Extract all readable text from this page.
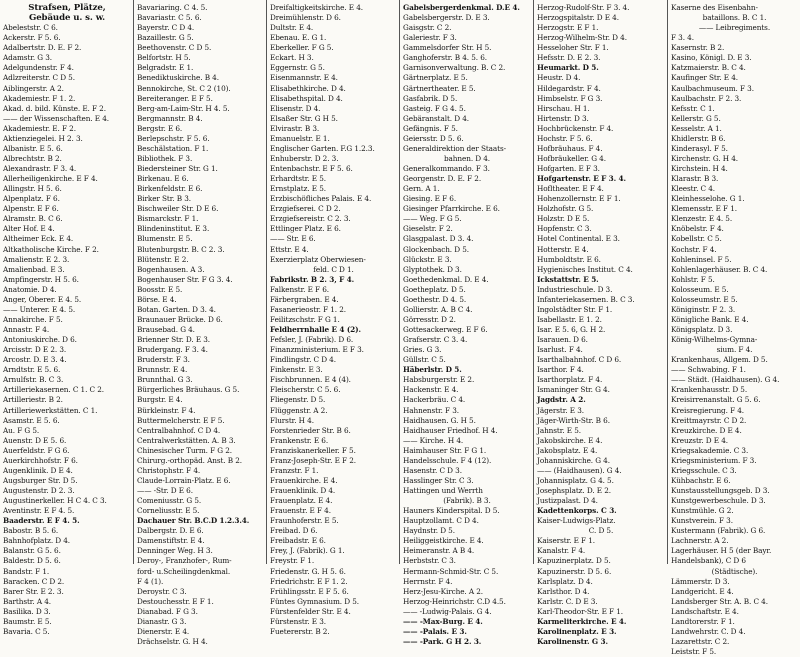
Strafsen, Plätze,
Gebäude u. s. w.
Abeleststr. C 6.
Ackerstr. F 5. 6.
Adalbertstr. D. E. F 2.
Adamstr. G 3.
Adelgundenstr. F 4.
Adlzreiterstr. C D 5.
Aiblingerstr. A 2.
Akademiestr. F 1. 2.
Akad. d. bild. Künste. E. F 2.
—— der Wissenschaften. E 4.
Akademiestr. E. F 2.
Aktienziegelei. H 2. 3.
Albanistr. E 5. 6.
Albrechtstr. B 2.
Alexandrastr. F 3. 4.
Allerheiligenkirche. E F 4.
Allingstr. H 5. 6.
Alpenplatz. F 6.
Alpenstr. E F 6.
Alramstr. B. C 6.
Alter Hof. E 4.
Altheimer Eck. E 4.
Altkatholische Kirche. F 2.
Amalienstr. E 2. 3.
Amalienbad. E 3.
Ampfingerstr. H 5. 6.
Anatomie. D 4.
Anger, Oberer. E 4. 5.
—— Unterer. E 4. 5.
Annakirche. F 5.
Annastr. F 4.
Antoniuskirche. D 6.
Arcisstr. D E 2. 3.
Arcostr. D. E 3. 4.
Arndtstr. E 5. 6.
Arnulfstr. B. C 3.
Artilleriekasernen. C 1. C 2.
Artilleriestr. B 2.
Artilleriewerkstätten. C 1.
Asamstr. E 5. 6.
Au. F G 5.
Auenstr. D E 5. 6.
Auerfeldstr. F G 6.
Auerkirchhofstr. F 6.
Augenklinik. D E 4.
Augsburger Str. D 5.
Augustenstr. D 2. 3.
Augustinerkeller. H C 4. C 3.
Aventinstr. E F 4. 5.
Baaderstr. E F 4. 5.
Babostr. B 5. 6.
Bahnhofplatz. D 4.
Balanstr. G 5. 6.
Baldestr. D 5. 6.
Bandstr. F 1.
Baracken. C D 2.
Barer Str. E 2. 3.
Barthstr. A 4.
Basilika. D 3.
Baumstr. E 5.
Bavaria. C 5.
Bavariaring. C 4. 5.
Bavariastr. C 5. 6.
Bayerstr. C D 4.
Bazaillestr. G 5.
Beethovenstr. C D 5.
Belfortstr. H 5.
Belgradstr. E 1.
Benediktuskirche. B 4.
Bennokirche, St. C 2 (10).
Bereiteranger. E F 5.
Berg-am-Laim-Str. H 4. 5.
Bergmannstr. B 4.
Bergstr. E 6.
Berlepschstr. F 5. 6.
Beschälstation. F 1.
Bibliothek. F 3.
Biedersteiner Str. G 1.
Birkenau. E 6.
Birkenfeldstr. E 6.
Birker Str. B 3.
Bischweiler Str. D E 6.
Bismarckstr. F 1.
Blindeninstitut. E 3.
Blumenstr. E 5.
Blutenburgstr. B. C 2. 3.
Blütenstr. E 2.
Bogenhausen. A 3.
Bogenhauser Str. F G 3. 4.
Boosstr. E 5.
Börse. E 4.
Botan. Garten. D 3. 4.
Braunauer Brücke. D 6.
Brausebad. G 4.
Brienner Str. D. E 3.
Brudergang. F 3. 4.
Bruderstr. F 3.
Brunnstr. E 4.
Brunnthal. G 3.
Bürgerliches Bräuhaus. G 5.
Burgstr. E 4.
Bürkleinstr. F 4.
Buttermelcherstr. E F 5.
Centralbahnhof. C D 4.
Centralwerkstätten. A. B 3.
Chinesischer Turm. F G 2.
Chirurg.-orthopäd. Anst. B 2.
Christophstr. F 4.
Claude-Lorrain-Platz. E 6.
—— -Str. D E 6.
Comeniusstr. G 5.
Corneliusstr. E 5.
Dachauer Str. B.C.D 1.2.3.4.
Dalbergstr. D. E 6.
Damenstiftstr. E 4.
Denninger Weg. H 3.
Deroy-, Franzhofer-, Rum-
ford- u.Scheilingdenkmal.
F 4 (1).
Deroystr. C 3.
Destouchesstr. E F 1.
Dianabad. F G 3.
Dianastr. G 3.
Dienerstr. E 4.
Drächselstr. G. H 4.
Dreifaltigkeitskirche. E 4.
Dreimühlenstr. D 6.
Dultstr. E 4.
Ebenau. E. G 1.
Eberkeller. F G 5.
Eckart. H 3.
Eggernstr. G 5.
Eisenmannstr. E 4.
Elisabethkirche. D 4.
Elisabethspital. D 4.
Elisenstr. D 4.
Elsaßer Str. G H 5.
Elvirastr. B 3.
Emanuelstr. E 1.
Englischer Garten. F.G 1.2.3.
Enhuberstr. D 2. 3.
Entenbachstr. E F 5. 6.
Erhardtstr. E 5.
Ernstplatz. E 5.
Erzbischöfliches Palais. E 4.
Erzgiefserei. C D 2.
Erzgiefsereistr. C 2. 3.
Ettlinger Platz. E 6.
—— Str. E 6.
Ettstr. E 4.
Exerzierplatz Oberwiesen-
feld. C D 1.
Fabrikstr. B 2. 3, F 4.
Falkenstr. E F 6.
Färbergraben. E 4.
Fasanerieostr. F 1. 2.
Feilitzschstr. F G 1.
Feldherrnhalle E 4 (2).
Fefsler, J. (Fabrik). D 6.
Finanzministerium. E F 3.
Findlingstr. C D 4.
Finkenstr. E 3.
Fischbrunnen. E 4 (4).
Fleischerstr. C 5. 6.
Fliegenstr. D 5.
Flüggenstr. A 2.
Flurstr. H 4.
Forstenrieder Str. B 6.
Frankenstr. E 6.
Franziskanerkeller. F 5.
Franz-Joseph-Str. E F 2.
Franzstr. F 1.
Frauenkirche. E 4.
Frauenklinik. D 4.
Frauenplatz. E 4.
Frauenstr. E F 4.
Fraunhoferstr. E 5.
Freibad. D 6.
Freibadstr. E 6.
Frey, J. (Fabrik). G 1.
Freystr. F 1.
Friedenstr. G. H 5. 6.
Friedrichstr. E F 1. 2.
Frühlingsstr. E F 5. 6.
Füntes Gymnasium. D 5.
Fürstenfelder Str. E 4.
Fürstenstr. E 3.
Fuetererstr. B 2.
Gabelsbergerdenkmal. D.E 4.
Gabelsbergerstr. D. E 3.
Gaisgstr. C 2.
Galeriestr. F 3.
Gammelsdorfer Str. H 5.
Ganghoferstr. B 4. 5. 6.
Garnisonverwaltung. B. C 2.
Gärtnerplatz. E 5.
Gärtnertheater. E 5.
Gasfabrik. D 5.
Gasteig. F G 4. 5.
Gebäranstalt. D 4.
Gefängnis. F 5.
Geiersstr. D 5. 6.
Generaldirektion der Staats-
bahnen. D 4.
Generalkommando. F 3.
Georgenstr. D. E. F 2.
Gern. A 1.
Giesing. E F 6.
Giesinger Pfarrkirche. E 6.
—— Weg. F G 5.
Gieselstr. F 2.
Glasgpalast. D 3. 4.
Glockenbach. D 5.
Glückstr. E 3.
Glyptothek. D 3.
Goethedenkmal. D. E 4.
Goetheplatz. D 5.
Goethestr. D 4. 5.
Gollierstr. A. B C 4.
Görresstr. D 2.
Gottesackerweg. E F 6.
Grafserstr. C 3. 4.
Gries. G 3.
Güllstr. C 5.
Häberlstr. D 5.
Habsburgerstr. E 2.
Hackenstr. E 4.
Hackerbräu. C 4.
Hahnenstr. F 3.
Haidhausen. G. H 5.
Haidhauser Friedhof. H 4.
—— Kirche. H 4.
Haimhauser Str. F G 1.
Handelsschule. F 4 (12).
Hasenstr. C D 3.
Hasslinger Str. C 3.
Hattingen und Werrth
(Fabrik). B 3.
Hauners Kinderspital. D 5.
Hauptzollamt. C D 4.
Haydnstr. D 5.
Heiliggeistkirche. E 4.
Heimeranstr. A B 4.
Herbststr. C 3.
Hermann-Schmid-Str. C 5.
Herrnstr. F 4.
Herz-Jesu-Kirche. A 2.
Herzog-Heinrichstr. C.D 4.5.
—— -Ludwig-Palais. G 4.
—— -Max-Burg. E 4.
—— -Palais. E 3.
—— -Park. G H 2. 3.
Herzog-Rudolf-Str. F 3. 4.
Herzogspitalstr. D E 4.
Herzogstr. E F 1.
Herzog-Wilhelm-Str. D 4.
Hesseloher Str. F 1.
Hefsstr. D. E 2. 3.
Heumarkt. D 5.
Heustr. D 4.
Hildegardstr. F 4.
Himbselstr. F G 3.
Hirschau. H 1.
Hirtenstr. D 3.
Hochbrückenstr. F 4.
Hochstr. F 5. 6.
Hofbräuhaus. F 4.
Hofbräukeller. G 4.
Hofgarten. E F 3.
Hofgartenstr. E F 3. 4.
Hofltheater. E F 4.
Hohenzollernstr. E F 1.
Holzhofstr. G 5.
Holzstr. D E 5.
Hopfenstr. C 3.
Hotel Continental. E 3.
Hotterstr. E 4.
Humboldtstr. E 6.
Hygienisches Institut. C 4.
Ickstattstr. E 5.
Industrieschule. D 3.
Infanteriekasernen. B. C 3.
Ingolstädter Str. F 1.
Isabellastr. E 1. 2.
Isar. E 5. 6, G. H 2.
Isarauen. D 6.
Isarlust. F 4.
Isarthalbahnhof. C D 6.
Isarthor. F 4.
Isarthorplatz. F 4.
Ismaninger Str. G 4.
Jagdstr. A 2.
Jägerstr. E 3.
Jäger-Wirth-Str. B 6.
Jahnstr. E 5.
Jakobskirche. E 4.
Jakobsplatz. E 4.
Johanniskirche. G 4.
—— (Haidhausen). G 4.
Johannisplatz. G 4. 5.
Josephsplatz. D. E 2.
Justizpalast. D 4.
Kadettenkorps. C 3.
Kaiser-Ludwigs-Platz.
C. D 5.
Kaiserstr. E F 1.
Kanalstr. F 4.
Kapuzinerplatz. D 5.
Kapuzinerstr. D 5. 6.
Karlsplatz. D 4.
Karlsthor. D 4.
Karlstr. C. D E 3.
Karl-Theodor-Str. E F 1.
Karmeliterkirche. E 4.
Karolinenplatz. E 3.
Karolinenstr. G 3.
Kaserne des Eisenbahn-
bataillons. B. C 1.
—— Leibregiments.
F 3. 4.
Kasernstr. B 2.
Kasino, Königl. D. E 3.
Katzmaierstr. B. C 4.
Kaufinger Str. E 4.
Kaulbachmuseum. F 3.
Kaulbachstr. F 2. 3.
Kefsstr. C 1.
Kellerstr. G 5.
Kesselstr. A 1.
Khidlerstr. B 6.
Kinderasyl. F 5.
Kirchenstr. G. H 4.
Kirchstein. H 4.
Klarastr. B 3.
Kleestr. C 4.
Kleinhesselohe. G 1.
Klemensstr. E F 1.
Klenzestr. E 4. 5.
Knöbelstr. F 4.
Kobellstr. C 5.
Kochstr. F 4.
Kohleninsel. F 5.
Kohlenlagerhäuser. B. C 4.
Kohlstr. F 5.
Kolosseum. E 5.
Kolosseumstr. E 5.
Königinstr. F 2. 3.
Königliche Bank. E 4.
Königsplatz. D 3.
König-Wilhelms-Gymna-
sium. F 4.
Krankenhaus, Allgem. D 5.
—— Schwabing. F 1.
—— Städt. (Haidhausen). G 4.
Krankenhausstr. D 5.
Kreisirrenanstalt. G 5. 6.
Kreisregierung. F 4.
Kreittmayrstr. C D 2.
Kreuzkirche. D E 4.
Kreuzstr. D E 4.
Kriegsakademie. C 3.
Kriegsministerium. F 3.
Kriegsschule. C 3.
Kühbachstr. E 6.
Kunstausstellungsgeb. D 3.
Kunstgewerbeschule. D 3.
Kunstmühle. G 2.
Kunstverein. F 3.
Kustermann (Fabrik). G 6.
Lachnerstr. A 2.
Lagerhäuser. H 5 (der Bayr.
Handelsbank), C D 6
(Städtische).
Lämmerstr. D 3.
Landgericht. E 4.
Landsberger Str. A. B. C 4.
Landschaftstr. E 4.
Landtorerstr. F 1.
Landwehrstr. C. D 4.
Lazarettstr. C 2.
Leiststr. F 5.
